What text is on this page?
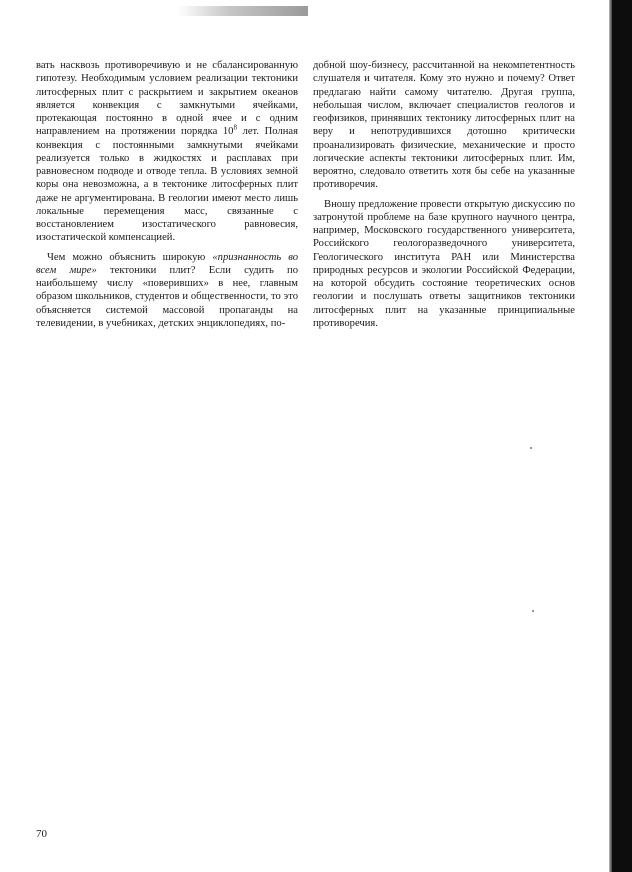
вать насквозь противоречивую и не сбалансированную гипотезу. Необходимым условием реализации тектоники литосферных плит с раскрытием и закрытием океанов является конвекция с замкнутыми ячейками, протекающая постоянно в одной ячее и с одним направлением на протяжении порядка $10^8$ лет. Полная конвекция с постоянными замкнутыми ячейками реализуется только в жидкостях и расплавах при равновесном подводе и отводе тепла. В условиях земной коры она невозможна, а в тектонике литосферных плит даже не аргументирована. В геологии имеют место лишь локальные перемещения масс, связанные с восстановлением изостатического равновесия, изостатической компенсацией.

Чем можно объяснить широкую «признанность во всем мире» тектоники плит? Если судить по наибольшему числу «поверивших» в нее, главным образом школьников, студентов и общественности, то это объясняется системой массовой пропаганды на телевидении, в учебниках, детских энциклопедиях, по-

добной шоу-бизнесу, рассчитанной на некомпетентность слушателя и читателя. Кому это нужно и почему? Ответ предлагаю найти самому читателю. Другая группа, небольшая числом, включает специалистов геологов и геофизиков, принявших тектонику литосферных плит на веру и непотрудившихся дотошно критически проанализировать физические, механические и просто логические аспекты тектоники литосферных плит. Им, вероятно, следовало ответить хотя бы себе на указанные противоречия.

Вношу предложение провести открытую дискуссию по затронутой проблеме на базе крупного научного центра, например, Московского государственного университета, Российского геологоразведочного университета, Геологического института РАН или Министерства природных ресурсов и экологии Российской Федерации, на которой обсудить состояние теоретических основ геологии и послушать ответы защитников тектоники литосферных плит на указанные принципиальные противоречия.

70
